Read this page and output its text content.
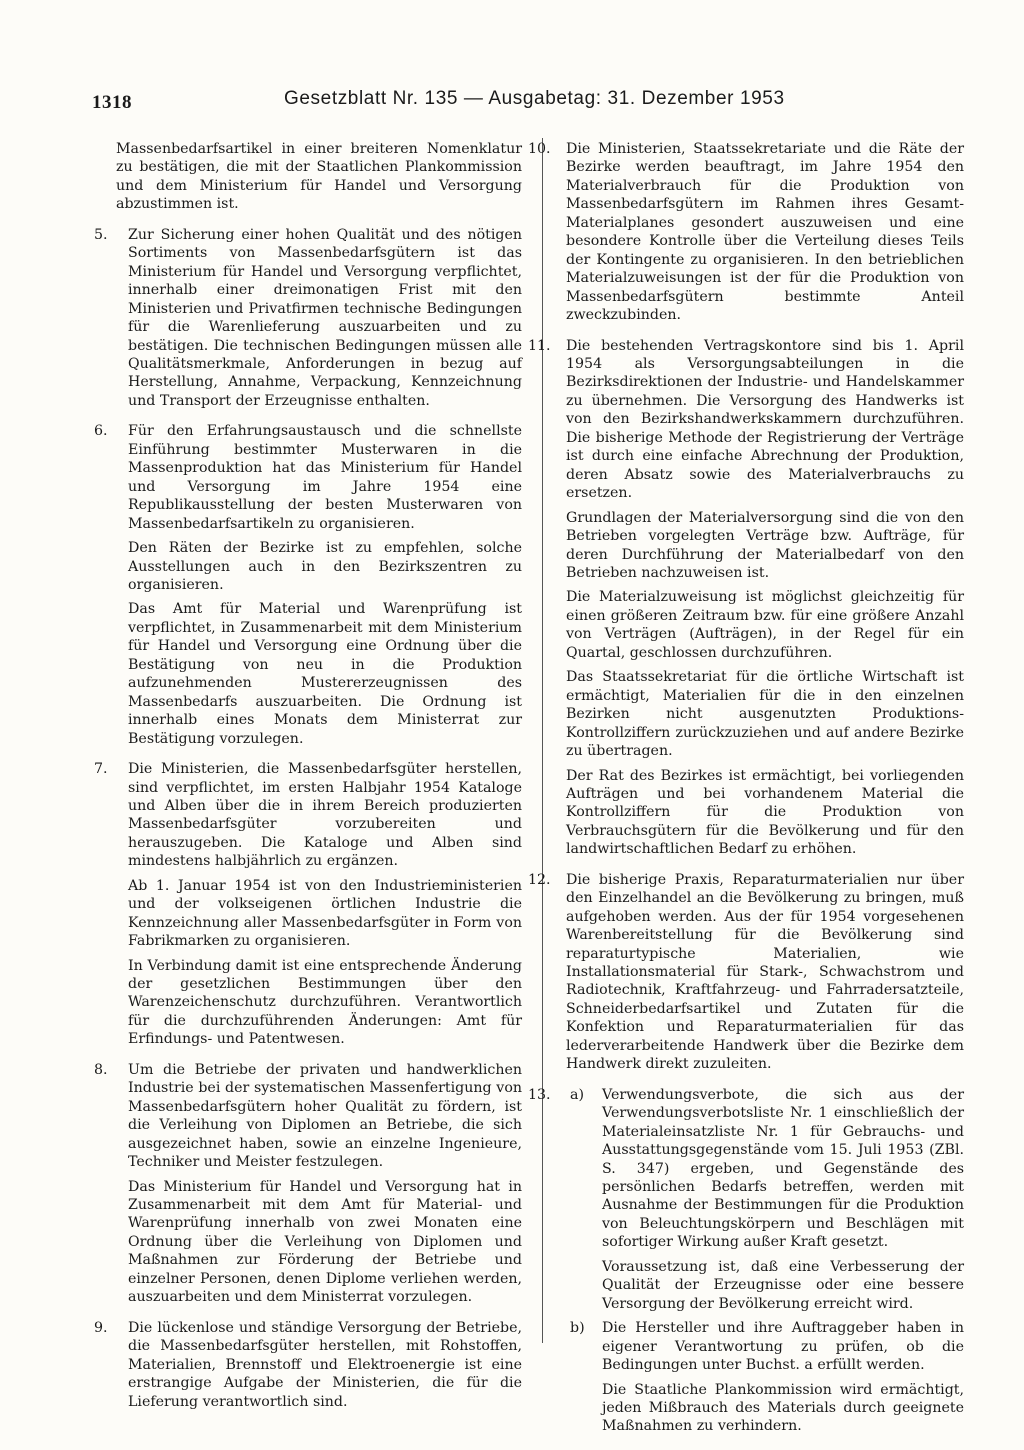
1318	Gesetzblatt Nr. 135 — Ausgabetag: 31. Dezember 1953
Massenbedarfsartikel in einer breiteren Nomenklatur zu bestätigen, die mit der Staatlichen Plankommission und dem Ministerium für Handel und Versorgung abzustimmen ist.
5. Zur Sicherung einer hohen Qualität und des nötigen Sortiments von Massenbedarfsgütern ist das Ministerium für Handel und Versorgung verpflichtet, innerhalb einer dreimonatigen Frist mit den Ministerien und Privatfirmen technische Bedingungen für die Warenlieferung auszuarbeiten und zu bestätigen. Die technischen Bedingungen müssen alle Qualitätsmerkmale, Anforderungen in bezug auf Herstellung, Annahme, Verpackung, Kennzeichnung und Transport der Erzeugnisse enthalten.
6. Für den Erfahrungsaustausch und die schnellste Einführung bestimmter Musterwaren in die Massenproduktion hat das Ministerium für Handel und Versorgung im Jahre 1954 eine Republikausstellung der besten Musterwaren von Massenbedarfsartikeln zu organisieren.
Den Räten der Bezirke ist zu empfehlen, solche Ausstellungen auch in den Bezirkszentren zu organisieren.
Das Amt für Material und Warenprüfung ist verpflichtet, in Zusammenarbeit mit dem Ministerium für Handel und Versorgung eine Ordnung über die Bestätigung von neu in die Produktion aufzunehmenden Mustererzeugnissen des Massenbedarfs auszuarbeiten. Die Ordnung ist innerhalb eines Monats dem Ministerrat zur Bestätigung vorzulegen.
7. Die Ministerien, die Massenbedarfsgüter herstellen, sind verpflichtet, im ersten Halbjahr 1954 Kataloge und Alben über die in ihrem Bereich produzierten Massenbedarfsgüter vorzubereiten und herauszugeben. Die Kataloge und Alben sind mindestens halbjährlich zu ergänzen.
Ab 1. Januar 1954 ist von den Industrieministerien und der volkseigenen örtlichen Industrie die Kennzeichnung aller Massenbedarfsgüter in Form von Fabrikmarken zu organisieren.
In Verbindung damit ist eine entsprechende Änderung der gesetzlichen Bestimmungen über den Warenzeichenschutz durchzuführen. Verantwortlich für die durchzuführenden Änderungen: Amt für Erfindungs- und Patentwesen.
8. Um die Betriebe der privaten und handwerklichen Industrie bei der systematischen Massenfertigung von Massenbedarfsgütern hoher Qualität zu fördern, ist die Verleihung von Diplomen an Betriebe, die sich ausgezeichnet haben, sowie an einzelne Ingenieure, Techniker und Meister festzulegen.
Das Ministerium für Handel und Versorgung hat in Zusammenarbeit mit dem Amt für Material- und Warenprüfung innerhalb von zwei Monaten eine Ordnung über die Verleihung von Diplomen und Maßnahmen zur Förderung der Betriebe und einzelner Personen, denen Diplome verliehen werden, auszuarbeiten und dem Ministerrat vorzulegen.
9. Die lückenlose und ständige Versorgung der Betriebe, die Massenbedarfsgüter herstellen, mit Rohstoffen, Materialien, Brennstoff und Elektroenergie ist eine erstrangige Aufgabe der Ministerien, die für die Lieferung verantwortlich sind.
10. Die Ministerien, Staatssekretariate und die Räte der Bezirke werden beauftragt, im Jahre 1954 den Materialverbrauch für die Produktion von Massenbedarfsgütern im Rahmen ihres Gesamt-Materialplanes gesondert auszuweisen und eine besondere Kontrolle über die Verteilung dieses Teils der Kontingente zu organisieren. In den betrieblichen Materialzuweisungen ist der für die Produktion von Massenbedarfsgütern bestimmte Anteil zweckzubinden.
11. Die bestehenden Vertragskontore sind bis 1. April 1954 als Versorgungsabteilungen in die Bezirksdirektionen der Industrie- und Handelskammer zu übernehmen. Die Versorgung des Handwerks ist von den Bezirkshandwerkskammern durchzuführen. Die bisherige Methode der Registrierung der Verträge ist durch eine einfache Abrechnung der Produktion, deren Absatz sowie des Materialverbrauchs zu ersetzen.
Grundlagen der Materialversorgung sind die von den Betrieben vorgelegten Verträge bzw. Aufträge, für deren Durchführung der Materialbedarf von den Betrieben nachzuweisen ist.
Die Materialzuweisung ist möglichst gleichzeitig für einen größeren Zeitraum bzw. für eine größere Anzahl von Verträgen (Aufträgen), in der Regel für ein Quartal, geschlossen durchzuführen.
Das Staatssekretariat für die örtliche Wirtschaft ist ermächtigt, Materialien für die in den einzelnen Bezirken nicht ausgenutzten Produktions-Kontrollziffern zurückzuziehen und auf andere Bezirke zu übertragen.
Der Rat des Bezirkes ist ermächtigt, bei vorliegenden Aufträgen und bei vorhandenem Material die Kontrollziffern für die Produktion von Verbrauchsgütern für die Bevölkerung und für den landwirtschaftlichen Bedarf zu erhöhen.
12. Die bisherige Praxis, Reparaturmaterialien nur über den Einzelhandel an die Bevölkerung zu bringen, muß aufgehoben werden. Aus der für 1954 vorgesehenen Warenbereitstellung für die Bevölkerung sind reparaturtypische Materialien, wie Installationsmaterial für Stark-, Schwachstrom und Radiotechnik, Kraftfahrzeug- und Fahrradersatzteile, Schneiderbedarfsartikel und Zutaten für die Konfektion und Reparaturmaterialien für das lederverarbeitende Handwerk über die Bezirke dem Handwerk direkt zuzuleiten.
13. a) Verwendungsverbote, die sich aus der Verwendungsverbotsliste Nr. 1 einschließlich der Materialeinsatzliste Nr. 1 für Gebrauchs- und Ausstattungsgegenstände vom 15. Juli 1953 (ZBl. S. 347) ergeben, und Gegenstände des persönlichen Bedarfs betreffen, werden mit Ausnahme der Bestimmungen für die Produktion von Beleuchtungskörpern und Beschlägen mit sofortiger Wirkung außer Kraft gesetzt.
Voraussetzung ist, daß eine Verbesserung der Qualität der Erzeugnisse oder eine bessere Versorgung der Bevölkerung erreicht wird.
b) Die Hersteller und ihre Auftraggeber haben in eigener Verantwortung zu prüfen, ob die Bedingungen unter Buchst. a erfüllt werden.
Die Staatliche Plankommission wird ermächtigt, jeden Mißbrauch des Materials durch geeignete Maßnahmen zu verhindern.
